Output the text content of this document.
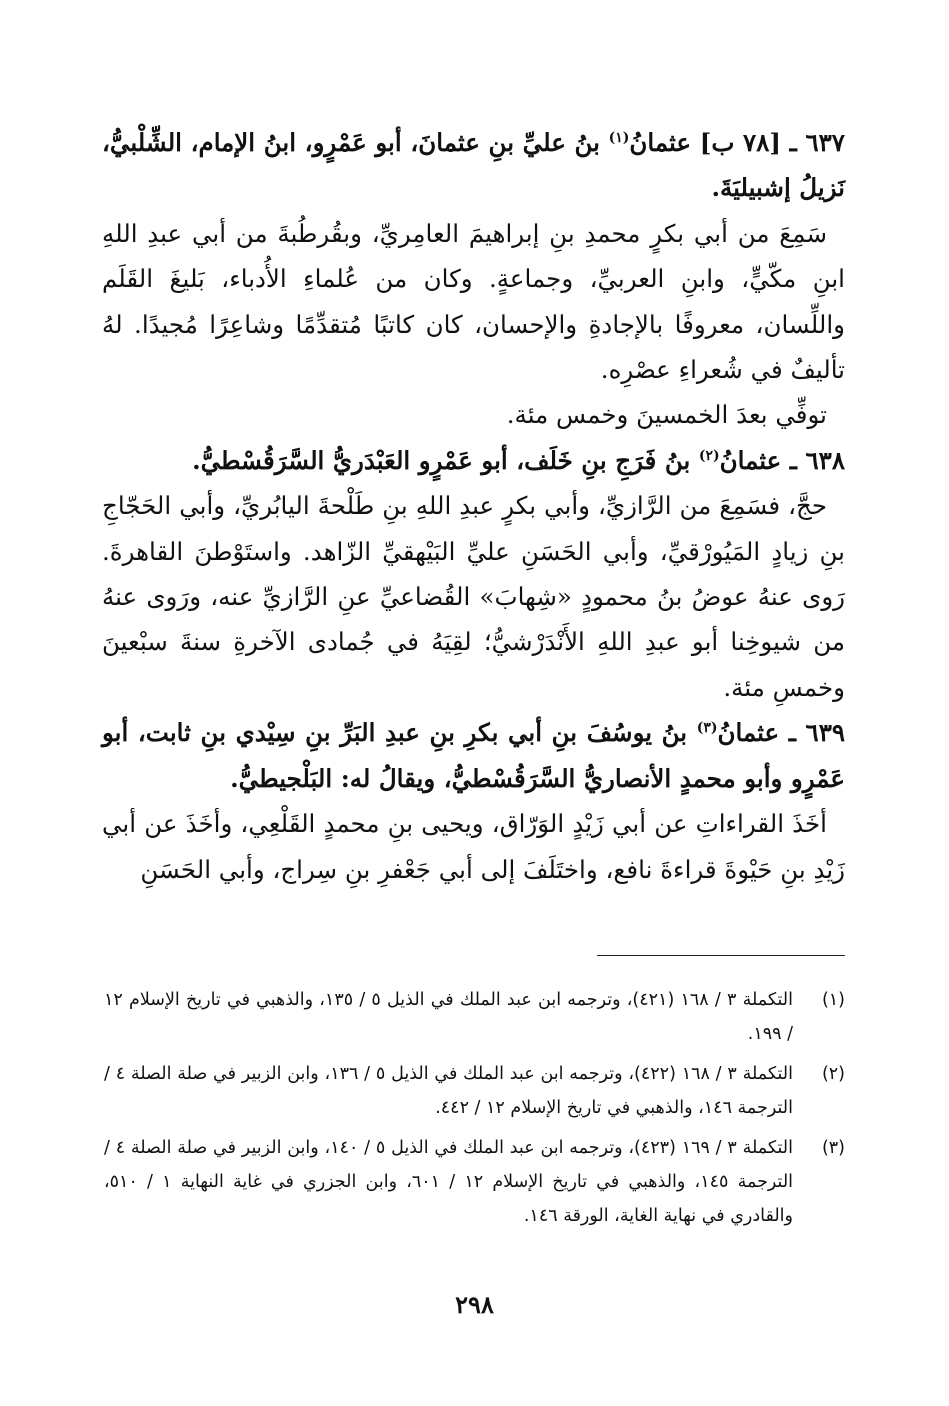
٦٣٧ ـ [٧٨ ب] عثمانُ$^{(١)}$ بنُ عليِّ بنِ عثمانَ، أبو عَمْرٍو، ابنُ الإمام، الشِّلْبيُّ، نَزيلُ إشبيليَةَ.

سَمِعَ من أبي بكرٍ محمدِ بنِ إبراهيمَ العامِريِّ، وبقُرطُبةَ من أبي عبدِ اللهِ ابنِ مكّيٍّ، وابنِ العربيِّ، وجماعةٍ. وكان من عُلماءِ الأُدباء، بَليغَ القَلَم واللِّسان، معروفًا بالإجادةِ والإحسان، كان كاتبًا مُتقدِّمًا وشاعِرًا مُجيدًا. لهُ تأليفٌ في شُعراءِ عصْرِه.

توفِّي بعدَ الخمسينَ وخمس مئة.

٦٣٨ ـ عثمانُ$^{(٢)}$ بنُ فَرَجِ بنِ خَلَف، أبو عَمْرٍو العَبْدَريُّ السَّرَقُسْطيُّ.

حجَّ، فسَمِعَ من الرَّازيِّ، وأبي بكرٍ عبدِ اللهِ بنِ طَلْحةَ اليابُريِّ، وأبي الحَجّاجِ بنِ زيادٍ المَيُورْقيِّ، وأبي الحَسَنِ عليِّ البَيْهقيِّ الزّاهد. واستَوْطنَ القاهرةَ. رَوى عنهُ عوضُ بنُ محمودٍ «شِهابَ» القُضاعيِّ عنِ الرَّازيِّ عنه، ورَوى عنهُ من شيوخِنا أبو عبدِ اللهِ الأَنْدَرْشيُّ؛ لقِيَهُ في جُمادى الآخرةِ سنةَ سبْعينَ وخمسِ مئة.

٦٣٩ ـ عثمانُ$^{(٣)}$ بنُ يوسُفَ بنِ أبي بكرِ بنِ عبدِ البَرِّ بنِ سِيْدي بنِ ثابت، أبو عَمْرٍو وأبو محمدٍ الأنصاريُّ السَّرَقُسْطيُّ، ويقالُ له: البَلْجيطيُّ.

أخَذَ القراءاتِ عن أبي زَيْدٍ الوَرّاق، ويحيى بنِ محمدٍ القَلْعِي، وأخَذَ عن أبي زَيْدِ بنِ حَيْوةَ قراءةَ نافع، واختَلَفَ إلى أبي جَعْفرِ بنِ سِراج، وأبي الحَسَنِ

(١)
التكملة ٣ / ١٦٨ (٤٢١)، وترجمه ابن عبد الملك في الذيل ٥ / ١٣٥، والذهبي في تاريخ الإسلام ١٢ / ١٩٩.
(٢)
التكملة ٣ / ١٦٨ (٤٢٢)، وترجمه ابن عبد الملك في الذيل ٥ / ١٣٦، وابن الزبير في صلة الصلة ٤ / الترجمة ١٤٦، والذهبي في تاريخ الإسلام ١٢ / ٤٤٢.
(٣)
التكملة ٣ / ١٦٩ (٤٢٣)، وترجمه ابن عبد الملك في الذيل ٥ / ١٤٠، وابن الزبير في صلة الصلة ٤ / الترجمة ١٤٥، والذهبي في تاريخ الإسلام ١٢ / ٦٠١، وابن الجزري في غاية النهاية ١ / ٥١٠، والقادري في نهاية الغاية، الورقة ١٤٦.
٢٩٨
